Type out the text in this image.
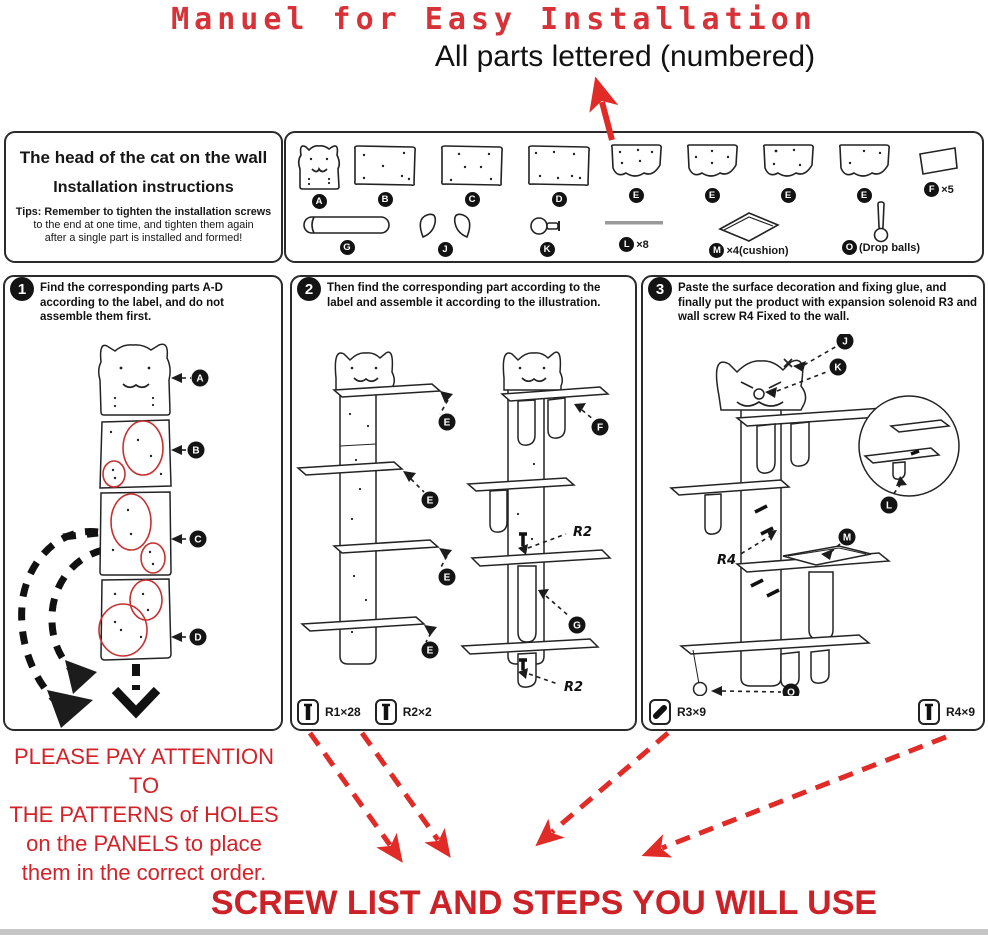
Manuel for Easy Installation
All parts lettered (numbered)
The head of the cat on the wall
Installation instructions
Tips: Remember to tighten the installation screws
to the end at one time, and tighten them again
after a single part is installed and formed!
A	B	C	D	E	E	E	E
F ×5
G	J	K	L ×8	M ×4(cushion)	O (Drop balls)
1	2	3
Find the corresponding parts A-D according to the label, and do not assemble them first.
Then find the corresponding part according to the label and assemble it according to the illustration.
Paste the surface decoration and fixing glue, and finally put the product with expansion solenoid R3 and wall screw R4 Fixed to the wall.
A
B
C
D
E
E
E
E
F
R2
G
R2
J
K
M
R4
O
L
R1×28	R2×2	R3×9	R4×9
PLEASE PAY ATTENTION TO
THE PATTERNS of HOLES
on the PANELS to place
them in the correct order.
SCREW LIST AND STEPS YOU WILL USE
